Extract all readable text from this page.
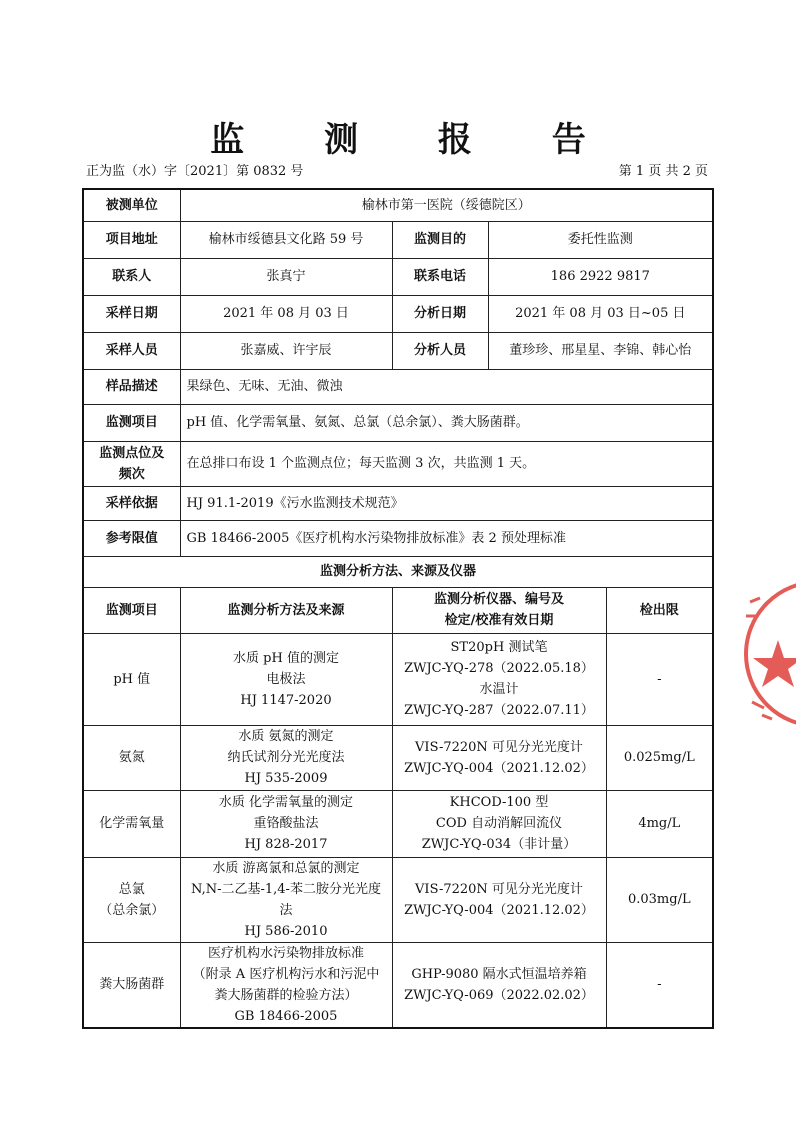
监 测 报 告
正为监（水）字〔2021〕第 0832 号	第 1 页 共 2 页
被测单位	榆林市第一医院（绥德院区）			
项目地址	榆林市绥德县文化路 59 号	监测目的	委托性监测	
联系人	张真宁	联系电话	186 2922 9817	
采样日期	2021 年 08 月 03 日	分析日期	2021 年 08 月 03 日~05 日	
采样人员	张嘉威、许宇辰	分析人员	董珍珍、邢星星、李锦、韩心怡	
样品描述	果绿色、无味、无油、微浊			
监测项目	pH 值、化学需氧量、氨氮、总氯（总余氯）、粪大肠菌群。			

监测点位及
频次	在总排口布设 1 个监测点位；每天监测 3 次，共监测 1 天。			
采样依据	HJ 91.1-2019《污水监测技术规范》			
参考限值	GB 18466-2005《医疗机构水污染物排放标准》表 2 预处理标准			
监测分析方法、来源及仪器				
监测项目	监测分析方法及来源	监测分析仪器、编号及
检定/校准有效日期		检出限

pH 值	水质 pH 值的测定
电极法
HJ 1147-2020	ST20pH 测试笔
ZWJC-YQ-278（2022.05.18）
水温计
ZWJC-YQ-287（2022.07.11）		-

氨氮	水质 氨氮的测定
纳氏试剂分光光度法
HJ 535-2009	VIS-7220N 可见分光光度计
ZWJC-YQ-004（2021.12.02）		0.025mg/L

化学需氧量	水质 化学需氧量的测定
重铬酸盐法
HJ 828-2017	KHCOD-100 型
COD 自动消解回流仪
ZWJC-YQ-034（非计量）		4mg/L

总氯
（总余氯）	水质 游离氯和总氯的测定
N,N-二乙基-1,4-苯二胺分光光度法
HJ 586-2010	VIS-7220N 可见分光光度计
ZWJC-YQ-004（2021.12.02）		0.03mg/L

粪大肠菌群	医疗机构水污染物排放标准
（附录 A 医疗机构污水和污泥中
粪大肠菌群的检验方法）
GB 18466-2005	GHP-9080 隔水式恒温培养箱
ZWJC-YQ-069（2022.02.02）		-
